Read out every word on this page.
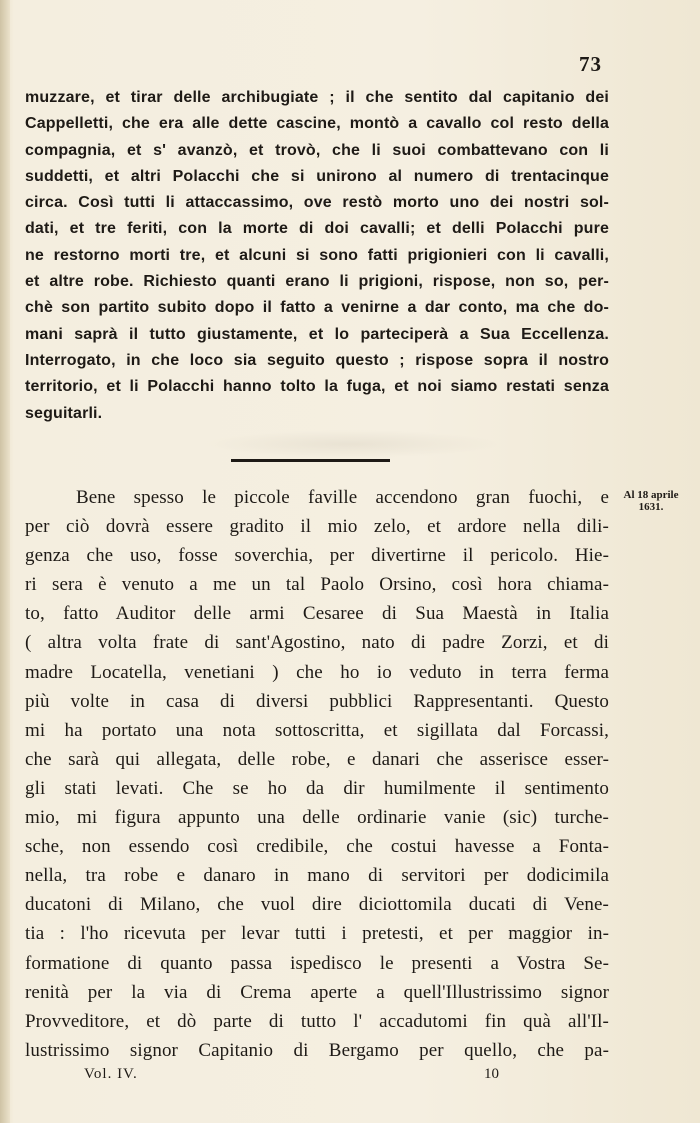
73
muzzare, et tirar delle archibugiate ; il che sentito dal capitanio dei
Cappelletti, che era alle dette cascine, montò a cavallo col resto della
compagnia, et s' avanzò, et trovò, che li suoi combattevano con li
suddetti, et altri Polacchi che si unirono al numero di trentacinque
circa. Così tutti li attaccassimo, ove restò morto uno dei nostri sol-
dati, et tre feriti, con la morte di doi cavalli; et delli Polacchi pure
ne restorno morti tre, et alcuni si sono fatti prigionieri con li cavalli,
et altre robe. Richiesto quanti erano li prigioni, rispose, non so, per-
chè son partito subito dopo il fatto a venirne a dar conto, ma che do-
mani saprà il tutto giustamente, et lo parteciperà a Sua Eccellenza.
Interrogato, in che loco sia seguito questo ; rispose sopra il nostro
territorio, et li Polacchi hanno tolto la fuga, et noi siamo restati senza
seguitarli.
Bene spesso le piccole faville accendono gran fuochi, e
per ciò dovrà essere gradito il mio zelo, et ardore nella dili-
genza che uso, fosse soverchia, per divertirne il pericolo. Hie-
ri sera è venuto a me un tal Paolo Orsino, così hora chiama-
to, fatto Auditor delle armi Cesaree di Sua Maestà in Italia
( altra volta frate di sant'Agostino, nato di padre Zorzi, et di
madre Locatella, venetiani ) che ho io veduto in terra ferma
più volte in casa di diversi pubblici Rappresentanti. Questo
mi ha portato una nota sottoscritta, et sigillata dal Forcassi,
che sarà qui allegata, delle robe, e danari che asserisce esser-
gli stati levati. Che se ho da dir humilmente il sentimento
mio, mi figura appunto una delle ordinarie vanie (sic) turche-
sche, non essendo così credibile, che costui havesse a Fonta-
nella, tra robe e danaro in mano di servitori per dodicimila
ducatoni di Milano, che vuol dire diciottomila ducati di Vene-
tia : l'ho ricevuta per levar tutti i pretesti, et per maggior in-
formatione di quanto passa ispedisco le presenti a Vostra Se-
renità per la via di Crema aperte a quell'Illustrissimo signor
Provveditore, et dò parte di tutto l' accadutomi fin quà all'Il-
lustrissimo signor Capitanio di Bergamo per quello, che pa-
Al 18 aprile 1631.
Vol. IV.	10
